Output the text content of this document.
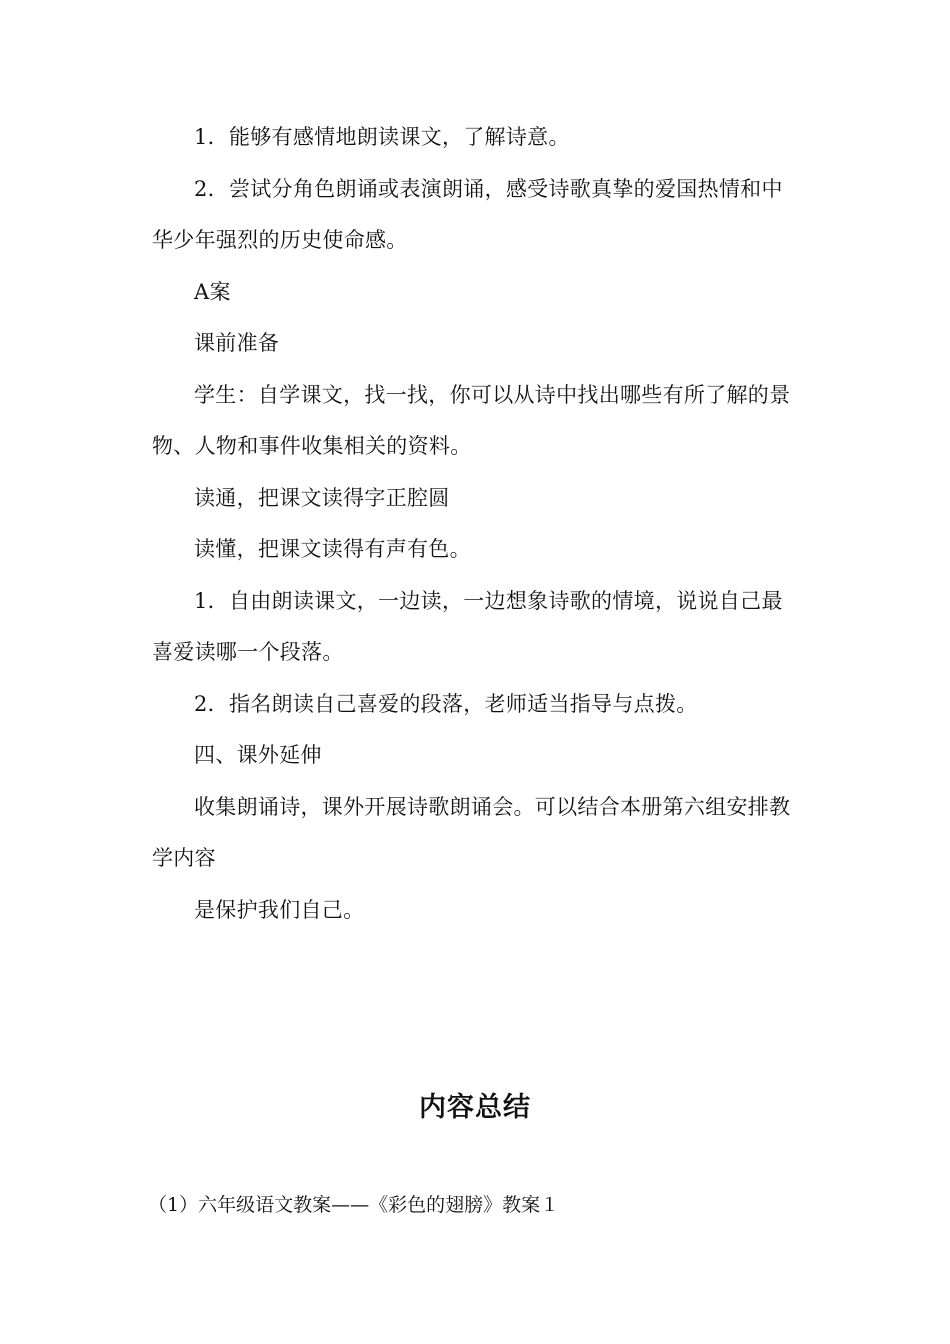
1．能够有感情地朗读课文，了解诗意。

2．尝试分角色朗诵或表演朗诵，感受诗歌真挚的爱国热情和中华少年强烈的历史使命感。

A案

课前准备

学生：自学课文，找一找，你可以从诗中找出哪些有所了解的景物、人物和事件收集相关的资料。

读通，把课文读得字正腔圆

读懂，把课文读得有声有色。

1．自由朗读课文，一边读，一边想象诗歌的情境，说说自己最喜爱读哪一个段落。

2．指名朗读自己喜爱的段落，老师适当指导与点拨。

四、课外延伸

收集朗诵诗，课外开展诗歌朗诵会。可以结合本册第六组安排教学内容

是保护我们自己。

内容总结

（1）六年级语文教案——《彩色的翅膀》教案１
